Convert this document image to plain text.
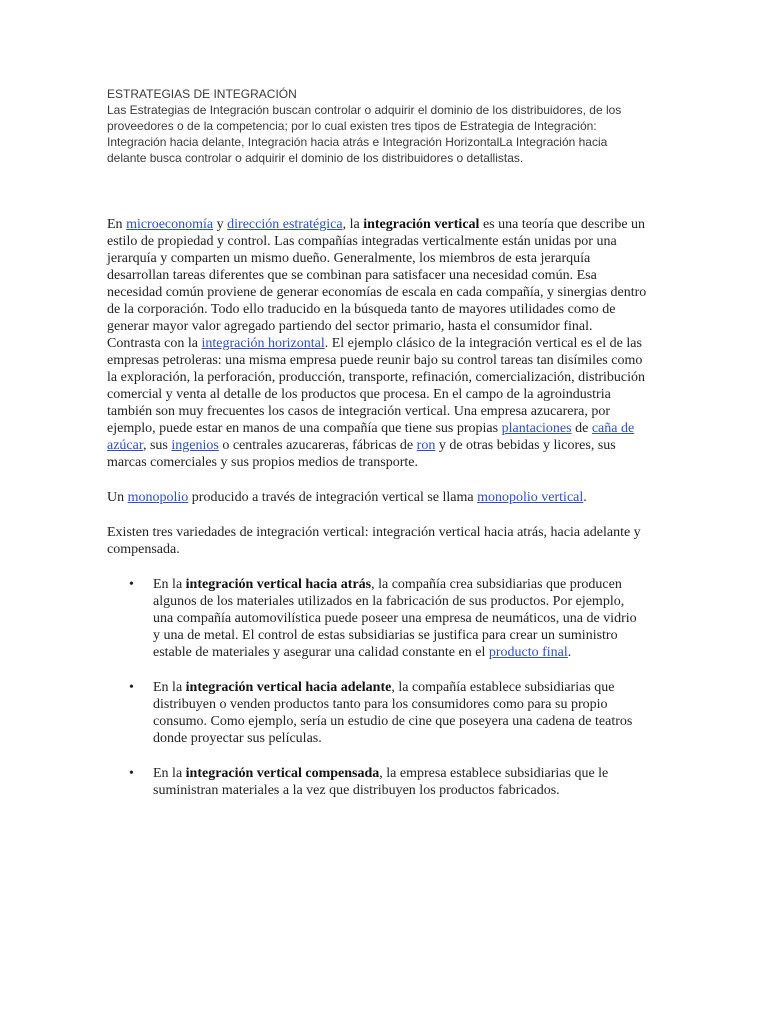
ESTRATEGIAS DE INTEGRACIÓN

Las Estrategias de Integración buscan controlar o adquirir el dominio de los distribuidores, de los proveedores o de la competencia; por lo cual existen tres tipos de Estrategia de Integración: Integración hacia delante, Integración hacia atrás e Integración HorizontalLa Integración hacia delante busca controlar o adquirir el dominio de los distribuidores o detallistas.

En microeconomía y dirección estratégica, la integración vertical es una teoría que describe un estilo de propiedad y control. Las compañías integradas verticalmente están unidas por una jerarquía y comparten un mismo dueño. Generalmente, los miembros de esta jerarquía desarrollan tareas diferentes que se combinan para satisfacer una necesidad común. Esa necesidad común proviene de generar economías de escala en cada compañía, y sinergias dentro de la corporación. Todo ello traducido en la búsqueda tanto de mayores utilidades como de generar mayor valor agregado partiendo del sector primario, hasta el consumidor final. Contrasta con la integración horizontal. El ejemplo clásico de la integración vertical es el de las empresas petroleras: una misma empresa puede reunir bajo su control tareas tan disímiles como la exploración, la perforación, producción, transporte, refinación, comercialización, distribución comercial y venta al detalle de los productos que procesa. En el campo de la agroindustria también son muy frecuentes los casos de integración vertical. Una empresa azucarera, por ejemplo, puede estar en manos de una compañía que tiene sus propias plantaciones de caña de azúcar, sus ingenios o centrales azucareras, fábricas de ron y de otras bebidas y licores, sus marcas comerciales y sus propios medios de transporte.

Un monopolio producido a través de integración vertical se llama monopolio vertical.

Existen tres variedades de integración vertical: integración vertical hacia atrás, hacia adelante y compensada.

• En la integración vertical hacia atrás, la compañía crea subsidiarias que producen algunos de los materiales utilizados en la fabricación de sus productos. Por ejemplo, una compañía automovilística puede poseer una empresa de neumáticos, una de vidrio y una de metal. El control de estas subsidiarias se justifica para crear un suministro estable de materiales y asegurar una calidad constante en el producto final.
• En la integración vertical hacia adelante, la compañía establece subsidiarias que distribuyen o venden productos tanto para los consumidores como para su propio consumo. Como ejemplo, sería un estudio de cine que poseyera una cadena de teatros donde proyectar sus películas.
• En la integración vertical compensada, la empresa establece subsidiarias que le suministran materiales a la vez que distribuyen los productos fabricados.
